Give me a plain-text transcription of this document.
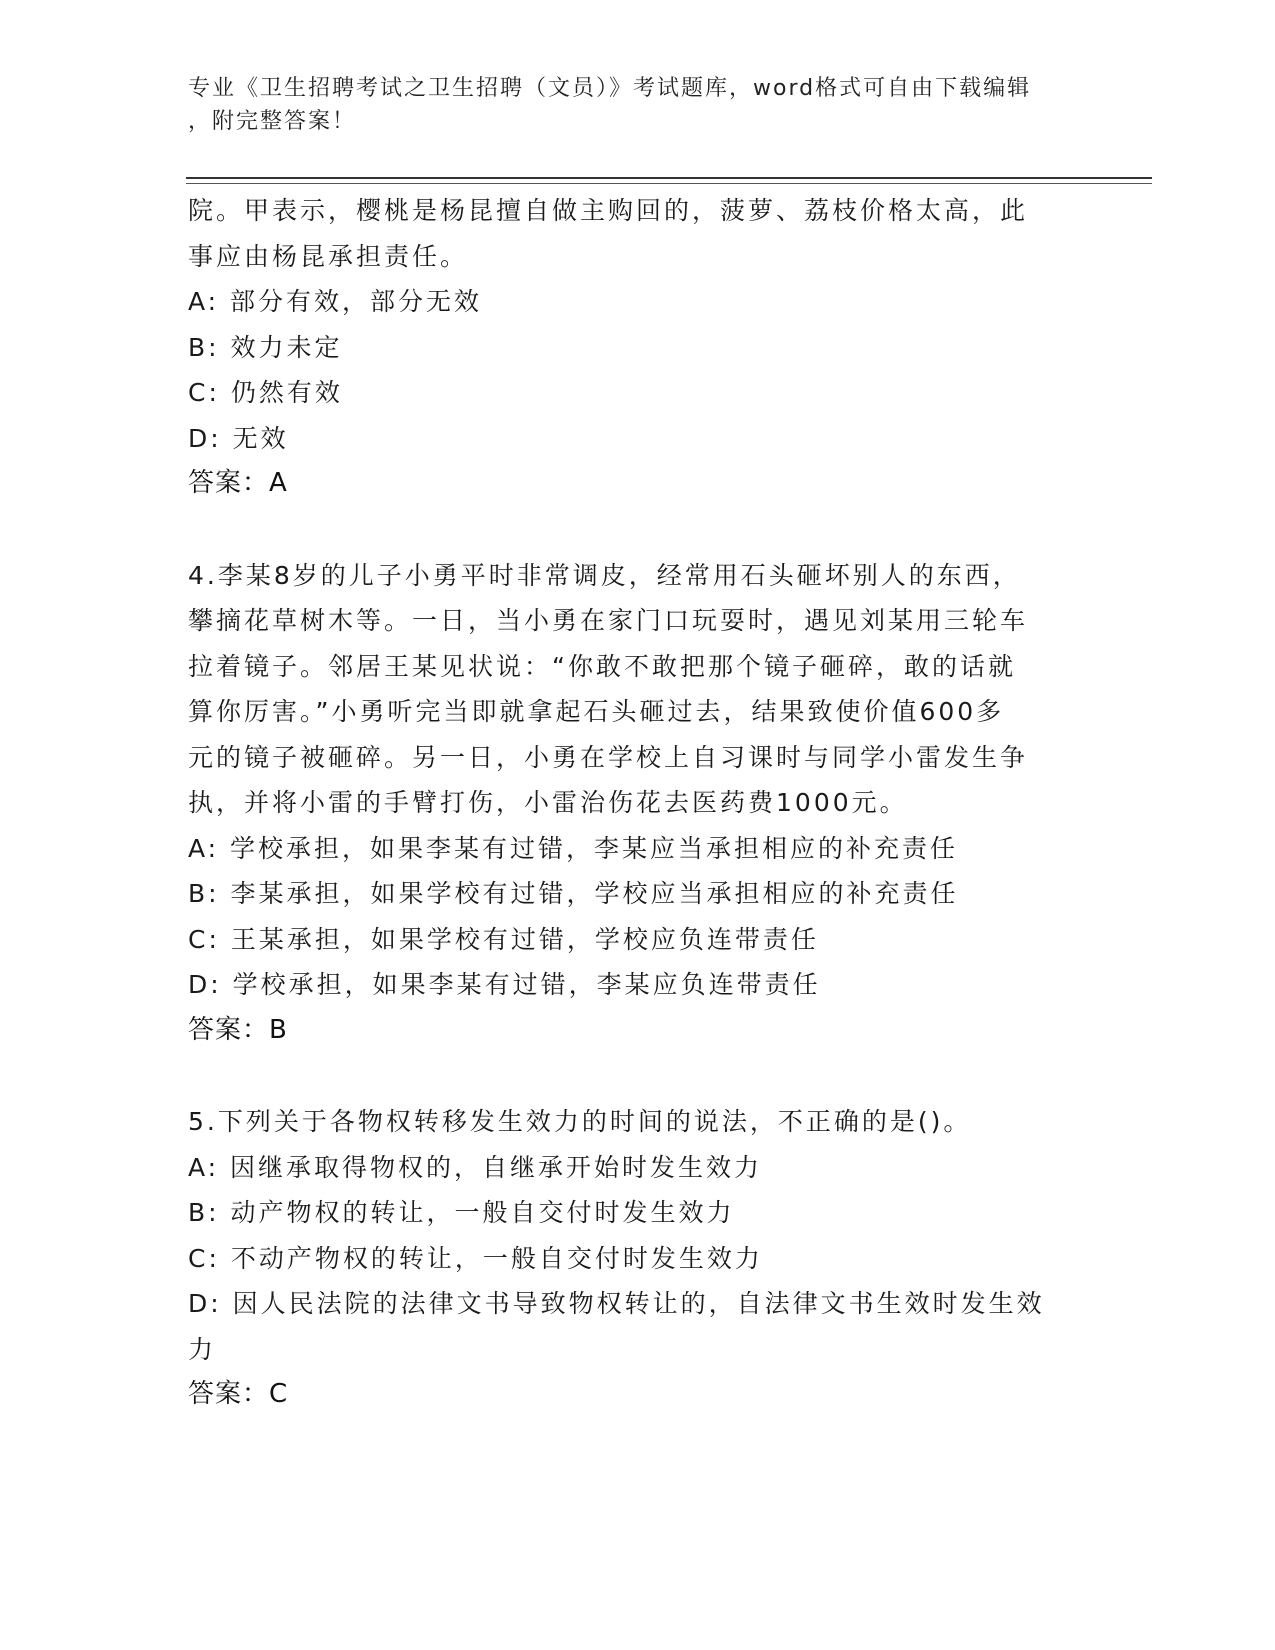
专业《卫生招聘考试之卫生招聘（文员）》考试题库，word格式可自由下载编辑
，附完整答案！
院。甲表示，樱桃是杨昆擅自做主购回的，菠萝、荔枝价格太高，此
事应由杨昆承担责任。
A: 部分有效，部分无效
B: 效力未定
C: 仍然有效
D: 无效
答案：A
4.李某8岁的儿子小勇平时非常调皮，经常用石头砸坏别人的东西，
攀摘花草树木等。一日，当小勇在家门口玩耍时，遇见刘某用三轮车
拉着镜子。邻居王某见状说：“你敢不敢把那个镜子砸碎，敢的话就
算你厉害。”小勇听完当即就拿起石头砸过去，结果致使价值600多
元的镜子被砸碎。另一日，小勇在学校上自习课时与同学小雷发生争
执，并将小雷的手臂打伤，小雷治伤花去医药费1000元。
A: 学校承担，如果李某有过错，李某应当承担相应的补充责任
B: 李某承担，如果学校有过错，学校应当承担相应的补充责任
C: 王某承担，如果学校有过错，学校应负连带责任
D: 学校承担，如果李某有过错，李某应负连带责任
答案：B
5.下列关于各物权转移发生效力的时间的说法，不正确的是()。
A: 因继承取得物权的，自继承开始时发生效力
B: 动产物权的转让，一般自交付时发生效力
C: 不动产物权的转让，一般自交付时发生效力
D: 因人民法院的法律文书导致物权转让的，自法律文书生效时发生效
力
答案：C
